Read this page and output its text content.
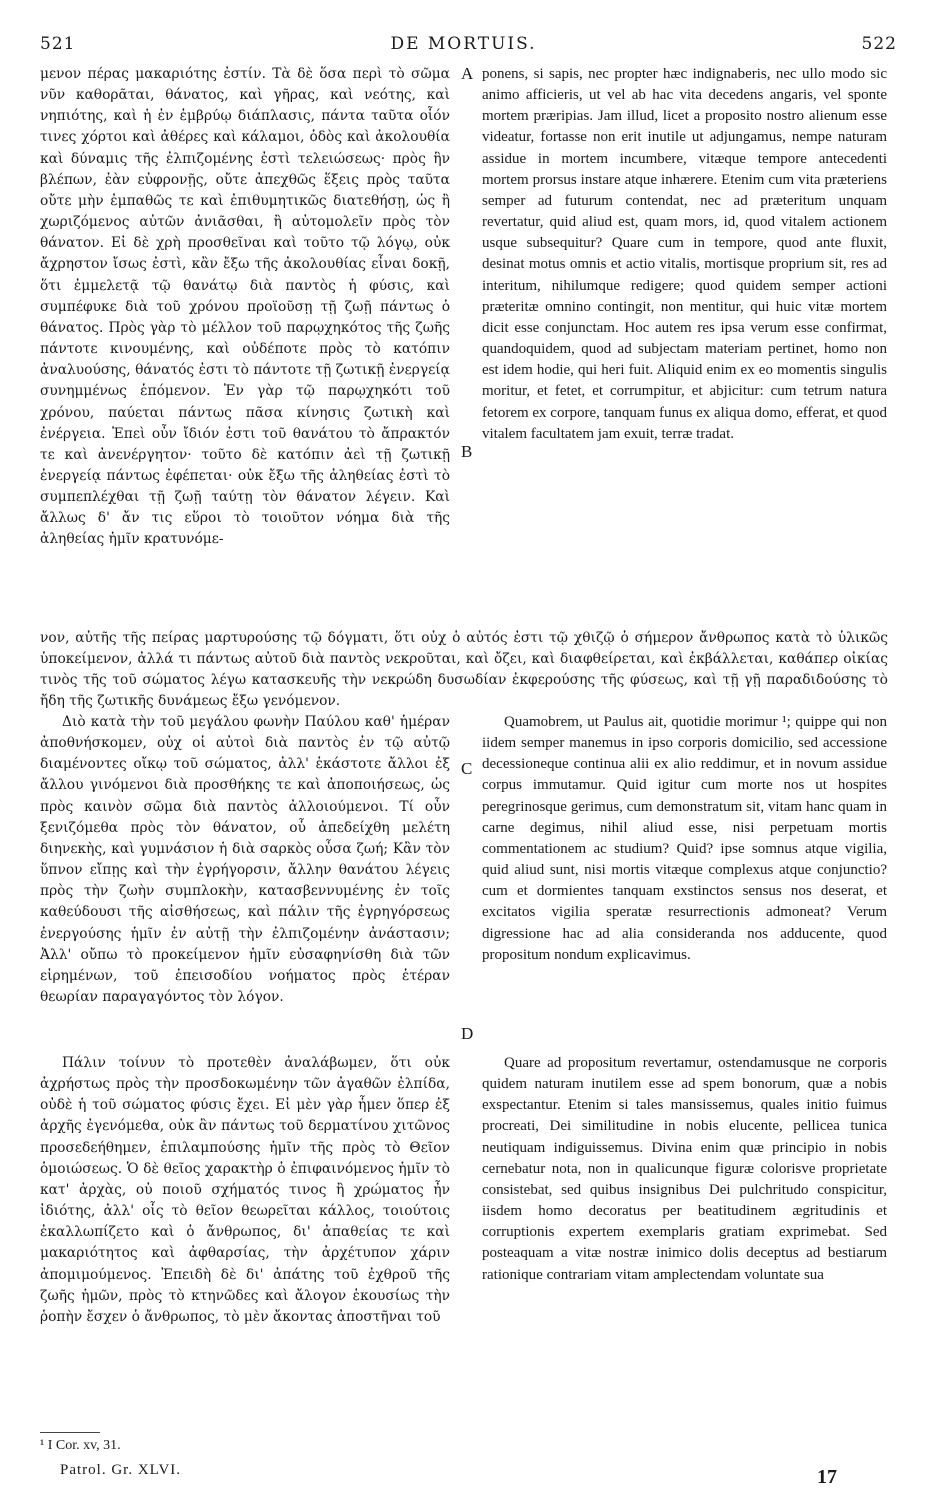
521	DE MORTUIS.	522

μενον πέρας μακαριότης ἐστίν. Τὰ δὲ ὅσα περὶ τὸ σῶμα νῦν καθορᾶται, θάνατος, καὶ γῆρας, καὶ νεότης, καὶ νηπιότης, καὶ ἡ ἐν ἐμβρύῳ διάπλασις, πάντα ταῦτα οἷόν τινες χόρτοι καὶ ἀθέρες καὶ κάλαμοι, ὁδὸς καὶ ἀκολουθία καὶ δύναμις τῆς ἐλπιζομένης ἐστὶ τελειώσεως· πρὸς ἣν βλέπων, ἐὰν εὐφρονῇς, οὔτε ἀπεχθῶς ἕξεις πρὸς ταῦτα οὔτε μὴν ἐμπαθῶς τε καὶ ἐπιθυμητικῶς διατεθήσῃ, ὡς ἢ χωριζόμενος αὐτῶν ἀνιᾶσθαι, ἢ αὐτομολεῖν πρὸς τὸν θάνατον. Εἰ δὲ χρὴ προσθεῖναι καὶ τοῦτο τῷ λόγῳ, οὐκ ἄχρηστον ἴσως ἐστὶ, κἂν ἔξω τῆς ἀκολουθίας εἶναι δοκῇ, ὅτι ἐμμελετᾷ τῷ θανάτῳ διὰ παντὸς ἡ φύσις, καὶ συμπέφυκε διὰ τοῦ χρόνου προϊοῦσῃ τῇ ζωῇ πάντως ὁ θάνατος. Πρὸς γὰρ τὸ μέλλον τοῦ παρῳχηκότος τῆς ζωῆς πάντοτε κινουμένης, καὶ οὐδέποτε πρὸς τὸ κατόπιν ἀναλυούσης, θάνατός ἐστι τὸ πάντοτε τῇ ζωτικῇ ἐνεργείᾳ συνημμένως ἑπόμενον. Ἐν γὰρ τῷ παρῳχηκότι τοῦ χρόνου, παύεται πάντως πᾶσα κίνησις ζωτικὴ καὶ ἐνέργεια. Ἐπεὶ οὖν ἴδιόν ἐστι τοῦ θανάτου τὸ ἄπρακτόν τε καὶ ἀνενέργητον· τοῦτο δὲ κατόπιν ἀεὶ τῇ ζωτικῇ ἐνεργείᾳ πάντως ἐφέπεται· οὐκ ἔξω τῆς ἀληθείας ἐστὶ τὸ συμπεπλέχθαι τῇ ζωῇ ταύτῃ τὸν θάνατον λέγειν. Καὶ ἄλλως δ' ἄν τις εὕροι τὸ τοιοῦτον νόημα διὰ τῆς ἀληθείας ἡμῖν κρατυνόμε-

ponens, si sapis, nec propter hæc indignaberis, nec ullo modo sic animo afficieris, ut vel ab hac vita decedens angaris, vel sponte mortem præripias. Jam illud, licet a proposito nostro alienum esse videatur, fortasse non erit inutile ut adjungamus, nempe naturam assidue in mortem incumbere, vitæque tempore antecedenti mortem prorsus instare atque inhærere. Etenim cum vita præteriens semper ad futurum contendat, nec ad præteritum unquam revertatur, quid aliud est, quam mors, id, quod vitalem actionem usque subsequitur? Quare cum in tempore, quod ante fluxit, desinat motus omnis et actio vitalis, mortisque proprium sit, res ad interitum, nihilumque redigere; quod quidem semper actioni præteritæ omnino contingit, non mentitur, qui huic vitæ mortem dicit esse conjunctam. Hoc autem res ipsa verum esse confirmat, quandoquidem, quod ad subjectam materiam pertinet, homo non est idem hodie, qui heri fuit. Aliquid enim ex eo momentis singulis moritur, et fetet, et corrumpitur, et abjicitur: cum tetrum natura fetorem ex corpore, tanquam funus ex aliqua domo, efferat, et quod vitalem facultatem jam exuit, terræ tradat.

νον, αὐτῆς τῆς πείρας μαρτυρούσης τῷ δόγματι, ὅτι οὐχ ὁ αὐτός ἐστι τῷ χθιζῷ ὁ σήμερον ἄνθρωπος κατὰ τὸ ὑλικῶς ὑποκείμενον, ἀλλά τι πάντως αὐτοῦ διὰ παντὸς νεκροῦται, καὶ ὄζει, καὶ διαφθείρεται, καὶ ἐκβάλλεται, καθάπερ οἰκίας τινὸς τῆς τοῦ σώματος λέγω κατασκευῆς τὴν νεκρώδη δυσωδίαν ἐκφερούσης τῆς φύσεως, καὶ τῇ γῇ παραδιδούσης τὸ ἤδη τῆς ζωτικῆς δυνάμεως ἔξω γενόμενον.

Διὸ κατὰ τὴν τοῦ μεγάλου φωνὴν Παύλου καθ' ἡμέραν ἀποθνήσκομεν, οὐχ οἱ αὐτοὶ διὰ παντὸς ἐν τῷ αὐτῷ διαμένοντες οἴκῳ τοῦ σώματος, ἀλλ' ἑκάστοτε ἄλλοι ἐξ ἄλλου γινόμενοι διὰ προσθήκης τε καὶ ἀποποιήσεως, ὡς πρὸς καινὸν σῶμα διὰ παντὸς ἀλλοιούμενοι. Τί οὖν ξενιζόμεθα πρὸς τὸν θάνατον, οὗ ἀπεδείχθη μελέτη διηνεκὴς, καὶ γυμνάσιον ἡ διὰ σαρκὸς οὖσα ζωή; Κἂν τὸν ὕπνον εἴπῃς καὶ τὴν ἐγρήγορσιν, ἄλλην θανάτου λέγεις πρὸς τὴν ζωὴν συμπλοκὴν, κατασβεννυμένης ἐν τοῖς καθεύδουσι τῆς αἰσθήσεως, καὶ πάλιν τῆς ἐγρηγόρσεως ἐνεργούσης ἡμῖν ἐν αὐτῇ τὴν ἐλπιζομένην ἀνάστασιν; Ἀλλ' οὔπω τὸ προκείμενον ἡμῖν εὐσαφηνίσθη διὰ τῶν εἰρημένων, τοῦ ἐπεισοδίου νοήματος πρὸς ἑτέραν θεωρίαν παραγαγόντος τὸν λόγον.

Quamobrem, ut Paulus ait, quotidie morimur ¹; quippe qui non iidem semper manemus in ipso corporis domicilio, sed accessione decessioneque continua alii ex alio reddimur, et in novum assidue corpus immutamur. Quid igitur cum morte nos ut hospites peregrinosque gerimus, cum demonstratum sit, vitam hanc quam in carne degimus, nihil aliud esse, nisi perpetuam mortis commentationem ac studium? Quid? ipse somnus atque vigilia, quid aliud sunt, nisi mortis vitæque complexus atque conjunctio? cum et dormientes tanquam exstinctos sensus nos deserat, et excitatos vigilia speratæ resurrectionis admoneat? Verum digressione hac ad alia consideranda nos adducente, quod propositum nondum explicavimus.

Πάλιν τοίνυν τὸ προτεθὲν ἀναλάβωμεν, ὅτι οὐκ ἀχρήστως πρὸς τὴν προσδοκωμένην τῶν ἀγαθῶν ἐλπίδα, οὐδὲ ἡ τοῦ σώματος φύσις ἔχει. Εἰ μὲν γὰρ ἦμεν ὅπερ ἐξ ἀρχῆς ἐγενόμεθα, οὐκ ἂν πάντως τοῦ δερματίνου χιτῶνος προσεδεήθημεν, ἐπιλαμπούσης ἡμῖν τῆς πρὸς τὸ Θεῖον ὁμοιώσεως. Ὁ δὲ θεῖος χαρακτὴρ ὁ ἐπιφαινόμενος ἡμῖν τὸ κατ' ἀρχὰς, οὐ ποιοῦ σχήματός τινος ἢ χρώματος ἦν ἰδιότης, ἀλλ' οἷς τὸ θεῖον θεωρεῖται κάλλος, τοιούτοις ἐκαλλωπίζετο καὶ ὁ ἄνθρωπος, δι' ἀπαθείας τε καὶ μακαριότητος καὶ ἀφθαρσίας, τὴν ἀρχέτυπον χάριν ἀπομιμούμενος. Ἐπειδὴ δὲ δι' ἀπάτης τοῦ ἐχθροῦ τῆς ζωῆς ἡμῶν, πρὸς τὸ κτηνῶδες καὶ ἄλογον ἑκουσίως τὴν ῥοπὴν ἔσχεν ὁ ἄνθρωπος, τὸ μὲν ἄκοντας ἀποστῆναι τοῦ

Quare ad propositum revertamur, ostendamusque ne corporis quidem naturam inutilem esse ad spem bonorum, quæ a nobis exspectantur. Etenim si tales mansissemus, quales initio fuimus procreati, Dei similitudine in nobis elucente, pellicea tunica neutiquam indiguissemus. Divina enim quæ principio in nobis cernebatur nota, non in qualicunque figuræ colorisve proprietate consistebat, sed quibus insignibus Dei pulchritudo conspicitur, iisdem homo decoratus per beatitudinem ægritudinis et corruptionis expertem exemplaris gratiam exprimebat. Sed posteaquam a vitæ nostræ inimico dolis deceptus ad bestiarum rationique contrariam vitam amplectendam voluntate sua

A
B
C
D
¹ I Cor. xv, 31.
Patrol. Gr. XLVI.	17
